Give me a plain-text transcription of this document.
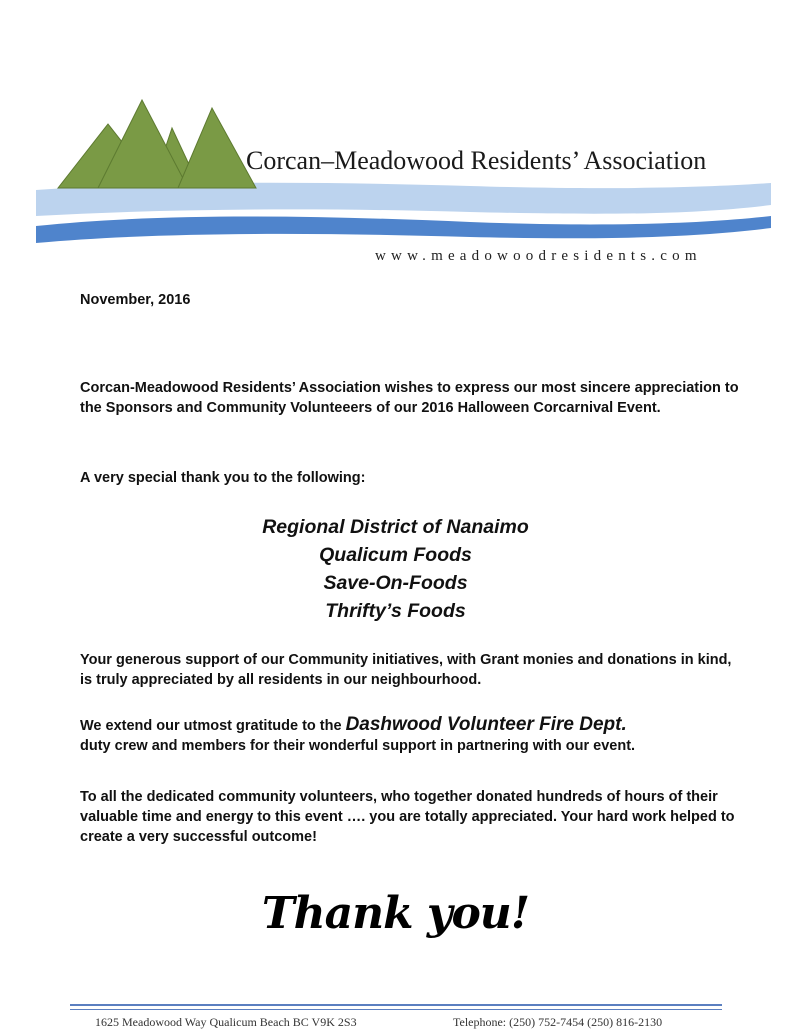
Corcan–Meadowood Residents’ Association
www.meadowoodresidents.com
November, 2016
Corcan-Meadowood Residents’ Association wishes to express our most sincere appreciation to the Sponsors and Community Volunteeers of our 2016 Halloween Corcarnival Event.
A very special thank you to the following:
Regional District of Nanaimo
Qualicum Foods
Save-On-Foods
Thrifty’s Foods
Your generous support of our Community initiatives, with Grant monies and donations in kind, is truly appreciated by all residents in our neighbourhood.
We extend our utmost gratitude to the Dashwood Volunteer Fire Dept.
duty crew and members for their wonderful support in partnering with our event.
To all the dedicated community volunteers, who together donated hundreds of hours of their valuable time and energy to this event …. you are totally appreciated. Your hard work helped to create a very successful outcome!
Thank you!
1625 Meadowood Way Qualicum Beach BC V9K 2S3	Telephone: (250) 752-7454 (250) 816-2130
